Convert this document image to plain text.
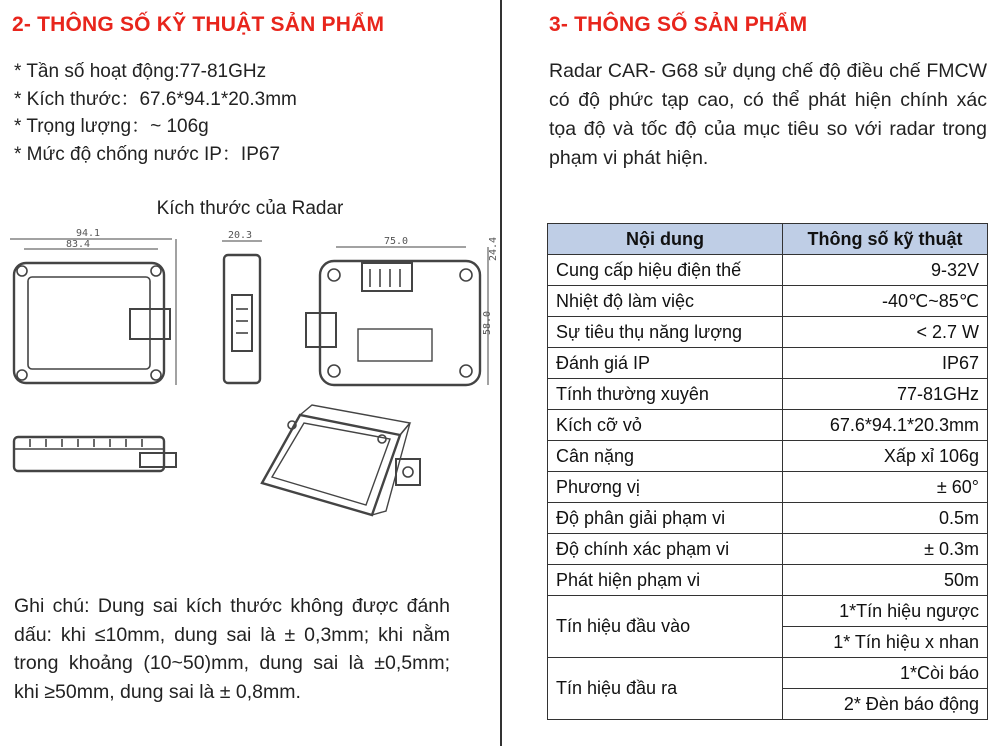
2- THÔNG SỐ KỸ THUẬT SẢN PHẨM
* Tần số hoạt động:77-81GHz
* Kích thước：67.6*94.1*20.3mm
* Trọng lượng：~ 106g
* Mức độ chống nước IP：IP67

Kích thước của Radar

94.1
83.4
20.3
75.0	24.4
58.0

Ghi chú: Dung sai kích thước không được đánh dấu: khi ≤10mm, dung sai là ± 0,3mm; khi nằm trong khoảng (10~50)mm, dung sai là ±0,5mm; khi ≥50mm, dung sai là ± 0,8mm.

3- THÔNG SỐ SẢN PHẨM

Radar CAR- G68 sử dụng chế độ điều chế FMCW có độ phức tạp cao, có thể phát hiện chính xác tọa độ và tốc độ của mục tiêu so với radar trong phạm vi phát hiện.

Nội dung	Thông số kỹ thuật
Cung cấp hiệu điện thế	9-32V
Nhiệt độ làm việc	-40℃~85℃
Sự tiêu thụ năng lượng	< 2.7 W
Đánh giá IP	IP67
Tính thường xuyên	77-81GHz
Kích cỡ vỏ	67.6*94.1*20.3mm
Cân nặng	Xấp xỉ 106g
Phương vị	± 60°
Độ phân giải phạm vi	0.5m
Độ chính xác phạm vi	± 0.3m
Phát hiện phạm vi	50m
Tín hiệu đầu vào	1*Tín hiệu ngược
	1* Tín hiệu x nhan
Tín hiệu đầu ra	1*Còi báo
	2* Đèn báo động
